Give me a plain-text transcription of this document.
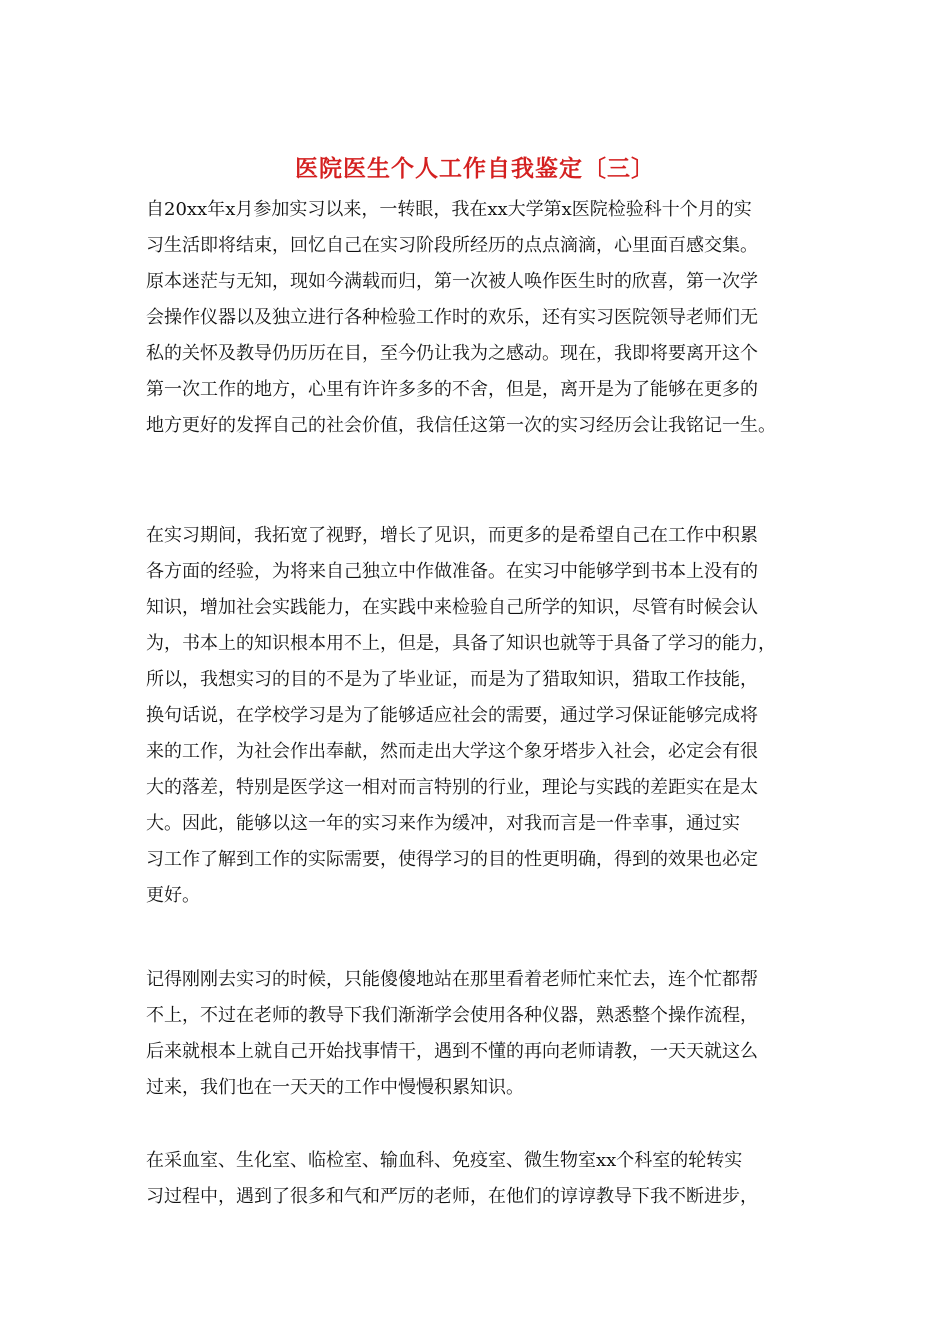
医院医生个人工作自我鉴定〔三〕
自20xx年x月参加实习以来，一转眼，我在xx大学第x医院检验科十个月的实
习生活即将结束，回忆自己在实习阶段所经历的点点滴滴，心里面百感交集。
原本迷茫与无知，现如今满载而归，第一次被人唤作医生时的欣喜，第一次学
会操作仪器以及独立进行各种检验工作时的欢乐，还有实习医院领导老师们无
私的关怀及教导仍历历在目，至今仍让我为之感动。现在，我即将要离开这个
第一次工作的地方，心里有许许多多的不舍，但是，离开是为了能够在更多的
地方更好的发挥自己的社会价值，我信任这第一次的实习经历会让我铭记一生。
在实习期间，我拓宽了视野，增长了见识，而更多的是希望自己在工作中积累
各方面的经验，为将来自己独立中作做准备。在实习中能够学到书本上没有的
知识，增加社会实践能力，在实践中来检验自己所学的知识，尽管有时候会认
为，书本上的知识根本用不上，但是，具备了知识也就等于具备了学习的能力，
所以，我想实习的目的不是为了毕业证，而是为了猎取知识，猎取工作技能，
换句话说，在学校学习是为了能够适应社会的需要，通过学习保证能够完成将
来的工作，为社会作出奉献，然而走出大学这个象牙塔步入社会，必定会有很
大的落差，特别是医学这一相对而言特别的行业，理论与实践的差距实在是太
大。因此，能够以这一年的实习来作为缓冲，对我而言是一件幸事，通过实
习工作了解到工作的实际需要，使得学习的目的性更明确，得到的效果也必定
更好。
记得刚刚去实习的时候，只能傻傻地站在那里看着老师忙来忙去，连个忙都帮
不上，不过在老师的教导下我们渐渐学会使用各种仪器，熟悉整个操作流程，
后来就根本上就自己开始找事情干，遇到不懂的再向老师请教，一天天就这么
过来，我们也在一天天的工作中慢慢积累知识。
在采血室、生化室、临检室、输血科、免疫室、微生物室xx个科室的轮转实
习过程中，遇到了很多和气和严厉的老师，在他们的谆谆教导下我不断进步，
